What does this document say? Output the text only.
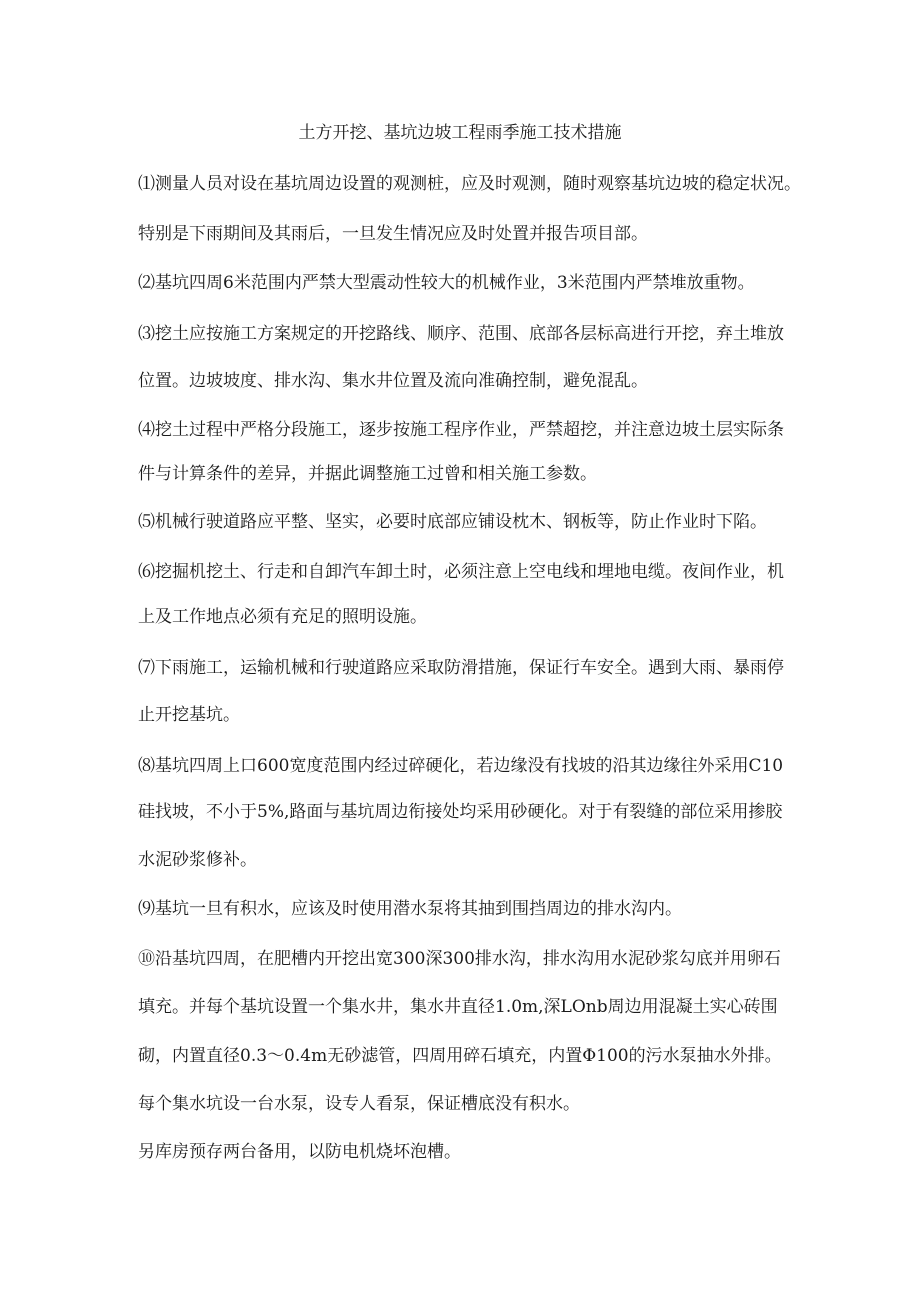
土方开挖、基坑边坡工程雨季施工技术措施
⑴测量人员对设在基坑周边设置的观测桩，应及时观测，随时观察基坑边坡的稳定状况。
特别是下雨期间及其雨后，一旦发生情况应及时处置并报告项目部。
⑵基坑四周6米范围内严禁大型震动性较大的机械作业，3米范围内严禁堆放重物。
⑶挖土应按施工方案规定的开挖路线、顺序、范围、底部各层标高进行开挖，弃土堆放
位置。边坡坡度、排水沟、集水井位置及流向准确控制，避免混乱。
⑷挖土过程中严格分段施工，逐步按施工程序作业，严禁超挖，并注意边坡土层实际条
件与计算条件的差异，并据此调整施工过曾和相关施工参数。
⑸机械行驶道路应平整、坚实，必要时底部应铺设枕木、钢板等，防止作业时下陷。
⑹挖掘机挖土、行走和自卸汽车卸土时，必须注意上空电线和埋地电缆。夜间作业，机
上及工作地点必须有充足的照明设施。
⑺下雨施工，运输机械和行驶道路应采取防滑措施，保证行车安全。遇到大雨、暴雨停
止开挖基坑。
⑻基坑四周上口600宽度范围内经过碎硬化，若边缘没有找坡的沿其边缘往外采用C10
硅找坡，不小于5%,路面与基坑周边衔接处均采用砂硬化。对于有裂缝的部位采用掺胶
水泥砂浆修补。
⑼基坑一旦有积水，应该及时使用潜水泵将其抽到围挡周边的排水沟内。
⑩沿基坑四周，在肥槽内开挖出宽300深300排水沟，排水沟用水泥砂浆勾底并用卵石
填充。并每个基坑设置一个集水井，集水井直径1.0m,深LOnb周边用混凝土实心砖围
砌，内置直径0.3～0.4m无砂滤管，四周用碎石填充，内置Φ100的污水泵抽水外排。
每个集水坑设一台水泵，设专人看泵，保证槽底没有积水。
另库房预存两台备用，以防电机烧坏泡槽。
